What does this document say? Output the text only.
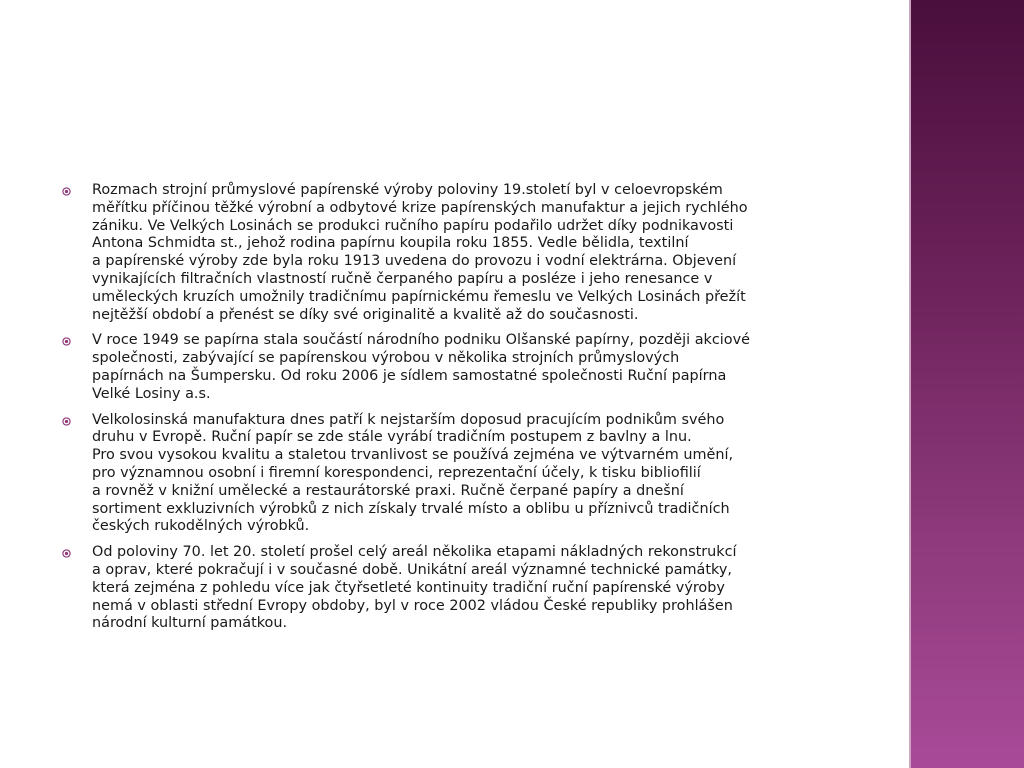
Rozmach strojní průmyslové papírenské výroby poloviny 19.století byl v celoevropském
měřítku příčinou těžké výrobní a odbytové krize papírenských manufaktur a jejich rychlého
zániku. Ve Velkých Losinách se produkci ručního papíru podařilo udržet díky podnikavosti
Antona Schmidta st., jehož rodina papírnu koupila roku 1855. Vedle bělidla, textilní
a papírenské výroby zde byla roku 1913 uvedena do provozu i vodní elektrárna. Objevení
vynikajících filtračních vlastností ručně čerpaného papíru a posléze i jeho renesance v
uměleckých kruzích umožnily tradičnímu papírnickému řemeslu ve Velkých Losinách přežít
nejtěžší období a přenést se díky své originalitě a kvalitě až do současnosti.
V roce 1949 se papírna stala součástí národního podniku Olšanské papírny, později akciové
společnosti, zabývající se papírenskou výrobou v několika strojních průmyslových
papírnách na Šumpersku. Od roku 2006 je sídlem samostatné společnosti Ruční papírna
Velké Losiny a.s.
Velkolosinská manufaktura dnes patří k nejstarším doposud pracujícím podnikům svého
druhu v Evropě. Ruční papír se zde stále vyrábí tradičním postupem z bavlny a lnu.
Pro svou vysokou kvalitu a staletou trvanlivost se používá zejména ve výtvarném umění,
pro významnou osobní i firemní korespondenci, reprezentační účely, k tisku bibliofilií
a rovněž v knižní umělecké a restaurátorské praxi. Ručně čerpané papíry a dnešní
sortiment exkluzivních výrobků z nich získaly trvalé místo a oblibu u příznivců tradičních
českých rukodělných výrobků.
Od poloviny 70. let 20. století prošel celý areál několika etapami nákladných rekonstrukcí
a oprav, které pokračují i v současné době. Unikátní areál významné technické památky,
která zejména z pohledu více jak čtyřsetleté kontinuity tradiční ruční papírenské výroby
nemá v oblasti střední Evropy obdoby, byl v roce 2002 vládou České republiky prohlášen
národní kulturní památkou.
